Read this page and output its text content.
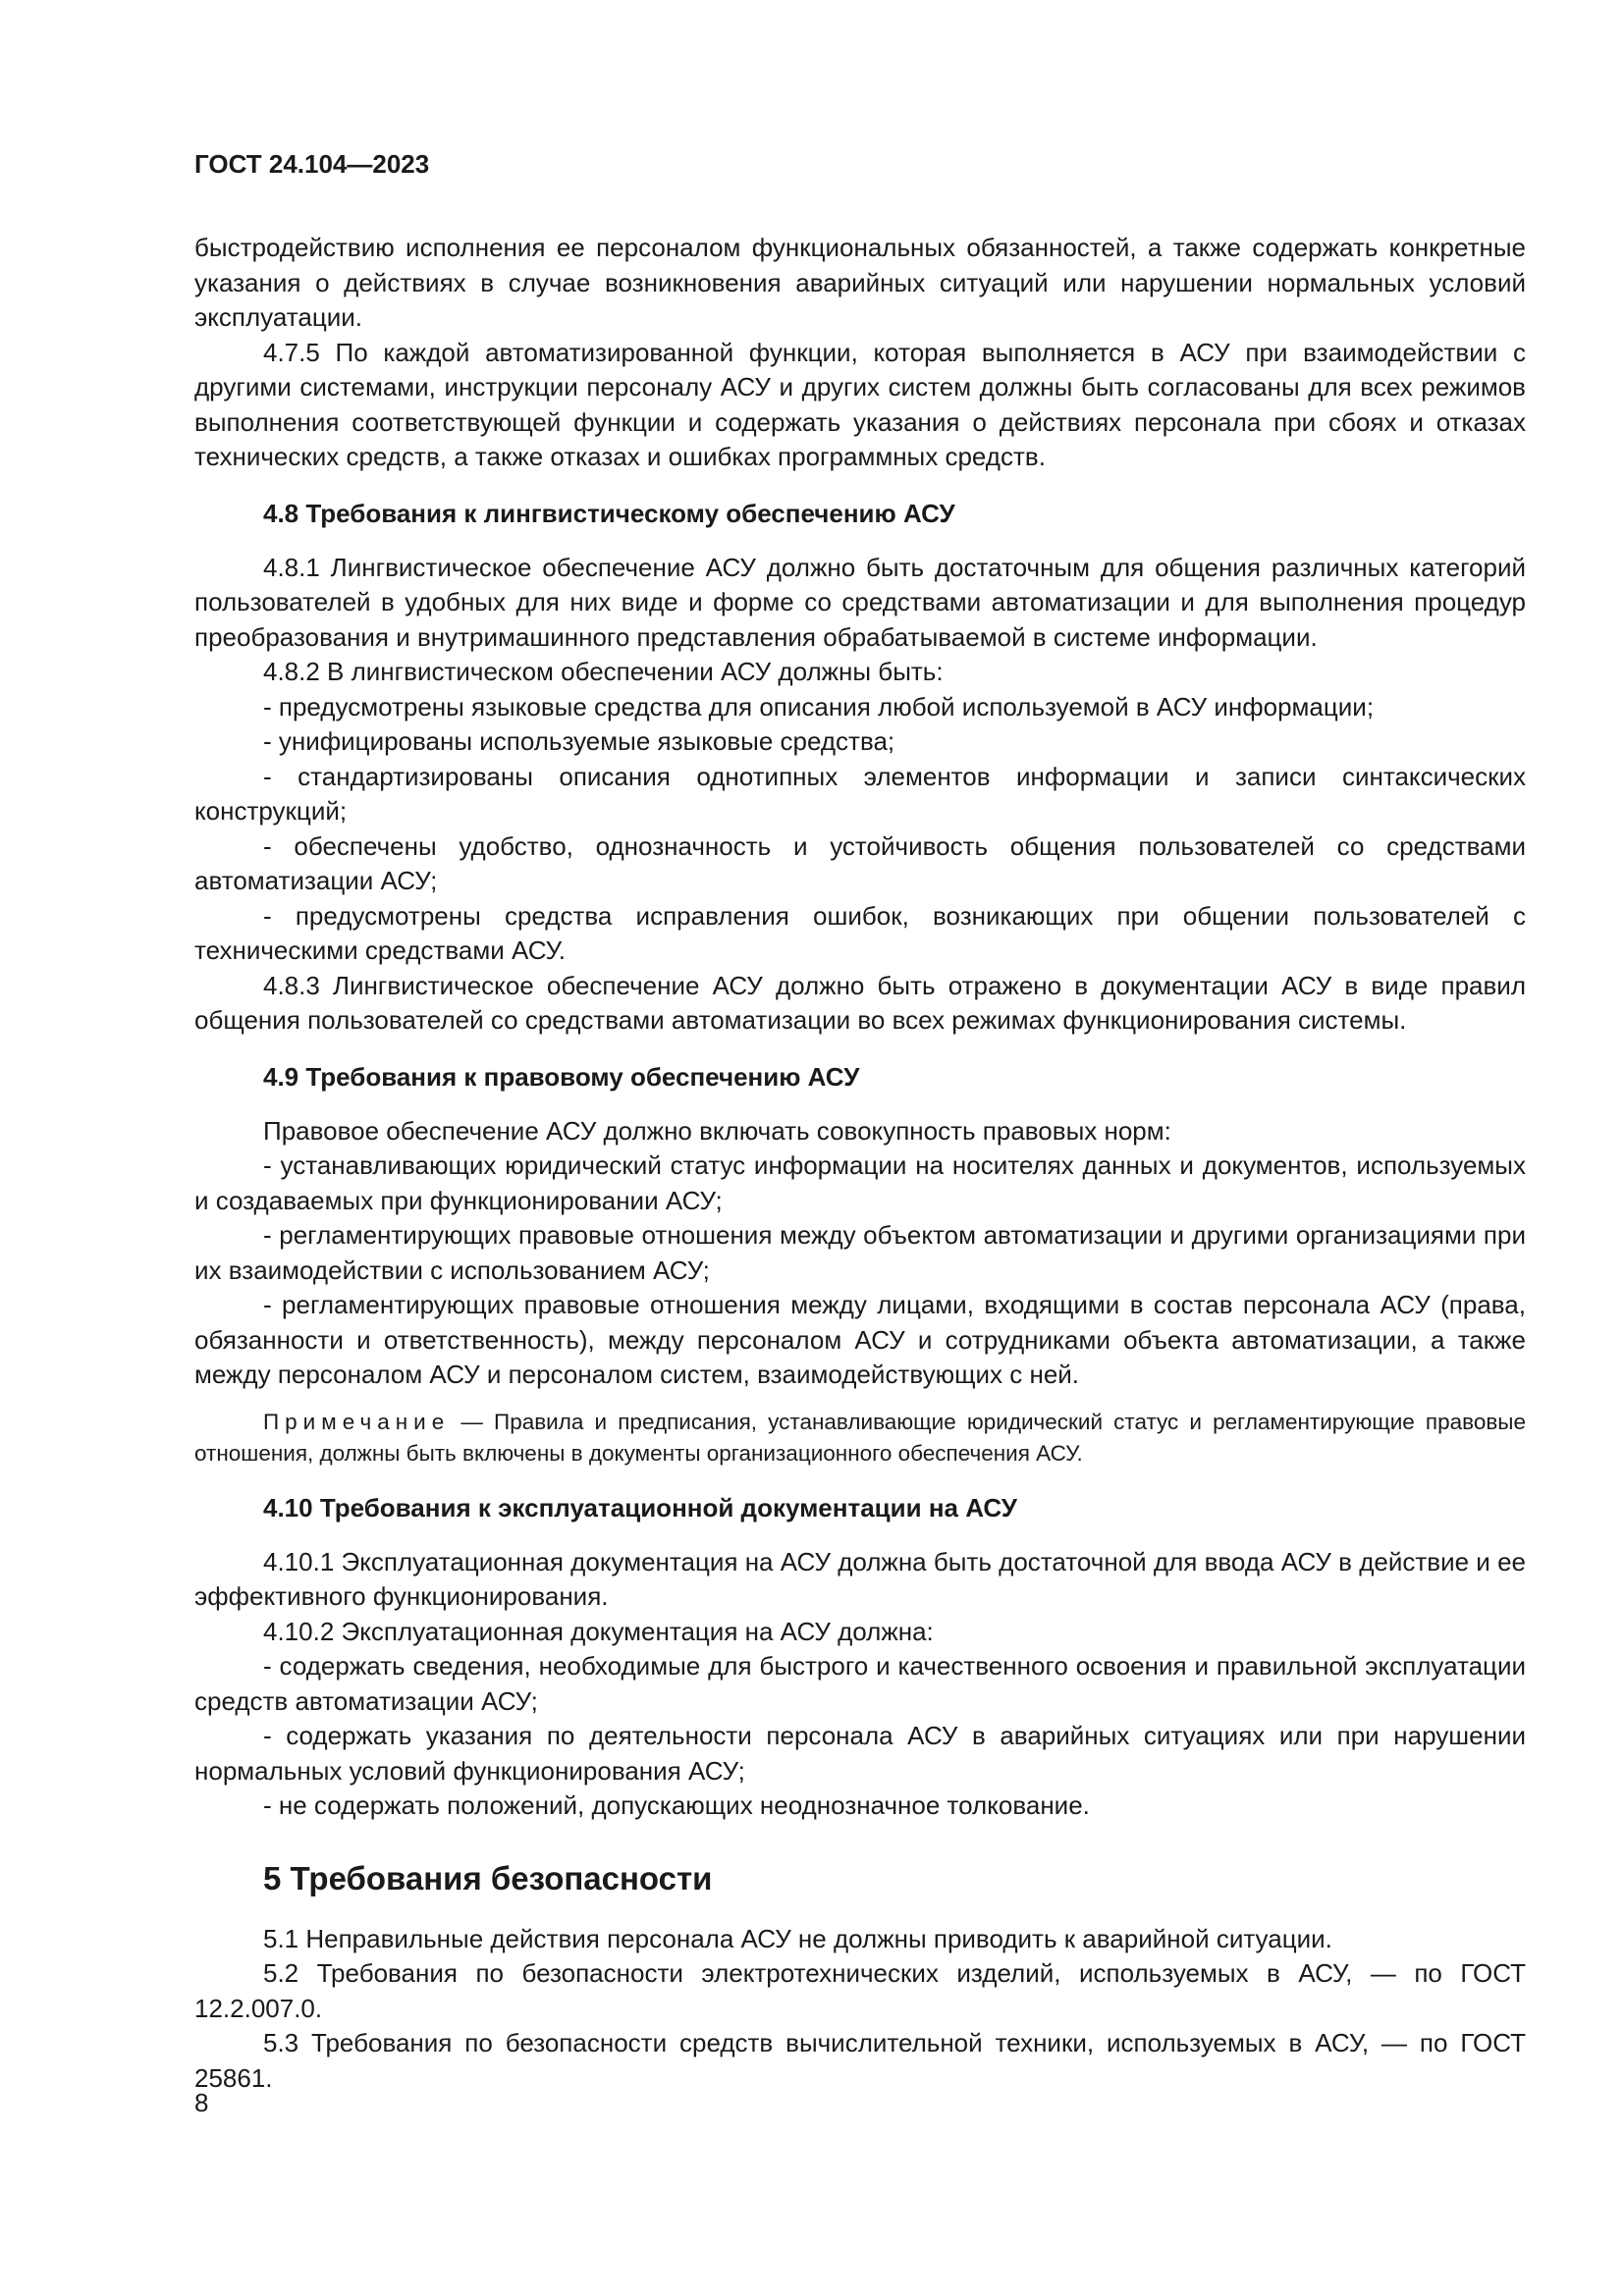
ГОСТ 24.104—2023

быстродействию исполнения ее персоналом функциональных обязанностей, а также содержать конкретные указания о действиях в случае возникновения аварийных ситуаций или нарушении нормальных условий эксплуатации.

4.7.5 По каждой автоматизированной функции, которая выполняется в АСУ при взаимодействии с другими системами, инструкции персоналу АСУ и других систем должны быть согласованы для всех режимов выполнения соответствующей функции и содержать указания о действиях персонала при сбоях и отказах технических средств, а также отказах и ошибках программных средств.

4.8 Требования к лингвистическому обеспечению АСУ

4.8.1 Лингвистическое обеспечение АСУ должно быть достаточным для общения различных категорий пользователей в удобных для них виде и форме со средствами автоматизации и для выполнения процедур преобразования и внутримашинного представления обрабатываемой в системе информации.

4.8.2 В лингвистическом обеспечении АСУ должны быть:

- предусмотрены языковые средства для описания любой используемой в АСУ информации;

- унифицированы используемые языковые средства;

- стандартизированы описания однотипных элементов информации и записи синтаксических конструкций;

- обеспечены удобство, однозначность и устойчивость общения пользователей со средствами автоматизации АСУ;

- предусмотрены средства исправления ошибок, возникающих при общении пользователей с техническими средствами АСУ.

4.8.3 Лингвистическое обеспечение АСУ должно быть отражено в документации АСУ в виде правил общения пользователей со средствами автоматизации во всех режимах функционирования системы.

4.9 Требования к правовому обеспечению АСУ

Правовое обеспечение АСУ должно включать совокупность правовых норм:

- устанавливающих юридический статус информации на носителях данных и документов, используемых и создаваемых при функционировании АСУ;

- регламентирующих правовые отношения между объектом автоматизации и другими организациями при их взаимодействии с использованием АСУ;

- регламентирующих правовые отношения между лицами, входящими в состав персонала АСУ (права, обязанности и ответственность), между персоналом АСУ и сотрудниками объекта автоматизации, а также между персоналом АСУ и персоналом систем, взаимодействующих с ней.

Примечание — Правила и предписания, устанавливающие юридический статус и регламентирующие правовые отношения, должны быть включены в документы организационного обеспечения АСУ.
4.10 Требования к эксплуатационной документации на АСУ

4.10.1 Эксплуатационная документация на АСУ должна быть достаточной для ввода АСУ в действие и ее эффективного функционирования.

4.10.2 Эксплуатационная документация на АСУ должна:

- содержать сведения, необходимые для быстрого и качественного освоения и правильной эксплуатации средств автоматизации АСУ;

- содержать указания по деятельности персонала АСУ в аварийных ситуациях или при нарушении нормальных условий функционирования АСУ;

- не содержать положений, допускающих неоднозначное толкование.

5 Требования безопасности

5.1 Неправильные действия персонала АСУ не должны приводить к аварийной ситуации.

5.2 Требования по безопасности электротехнических изделий, используемых в АСУ, — по ГОСТ 12.2.007.0.

5.3 Требования по безопасности средств вычислительной техники, используемых в АСУ, — по ГОСТ 25861.

8
